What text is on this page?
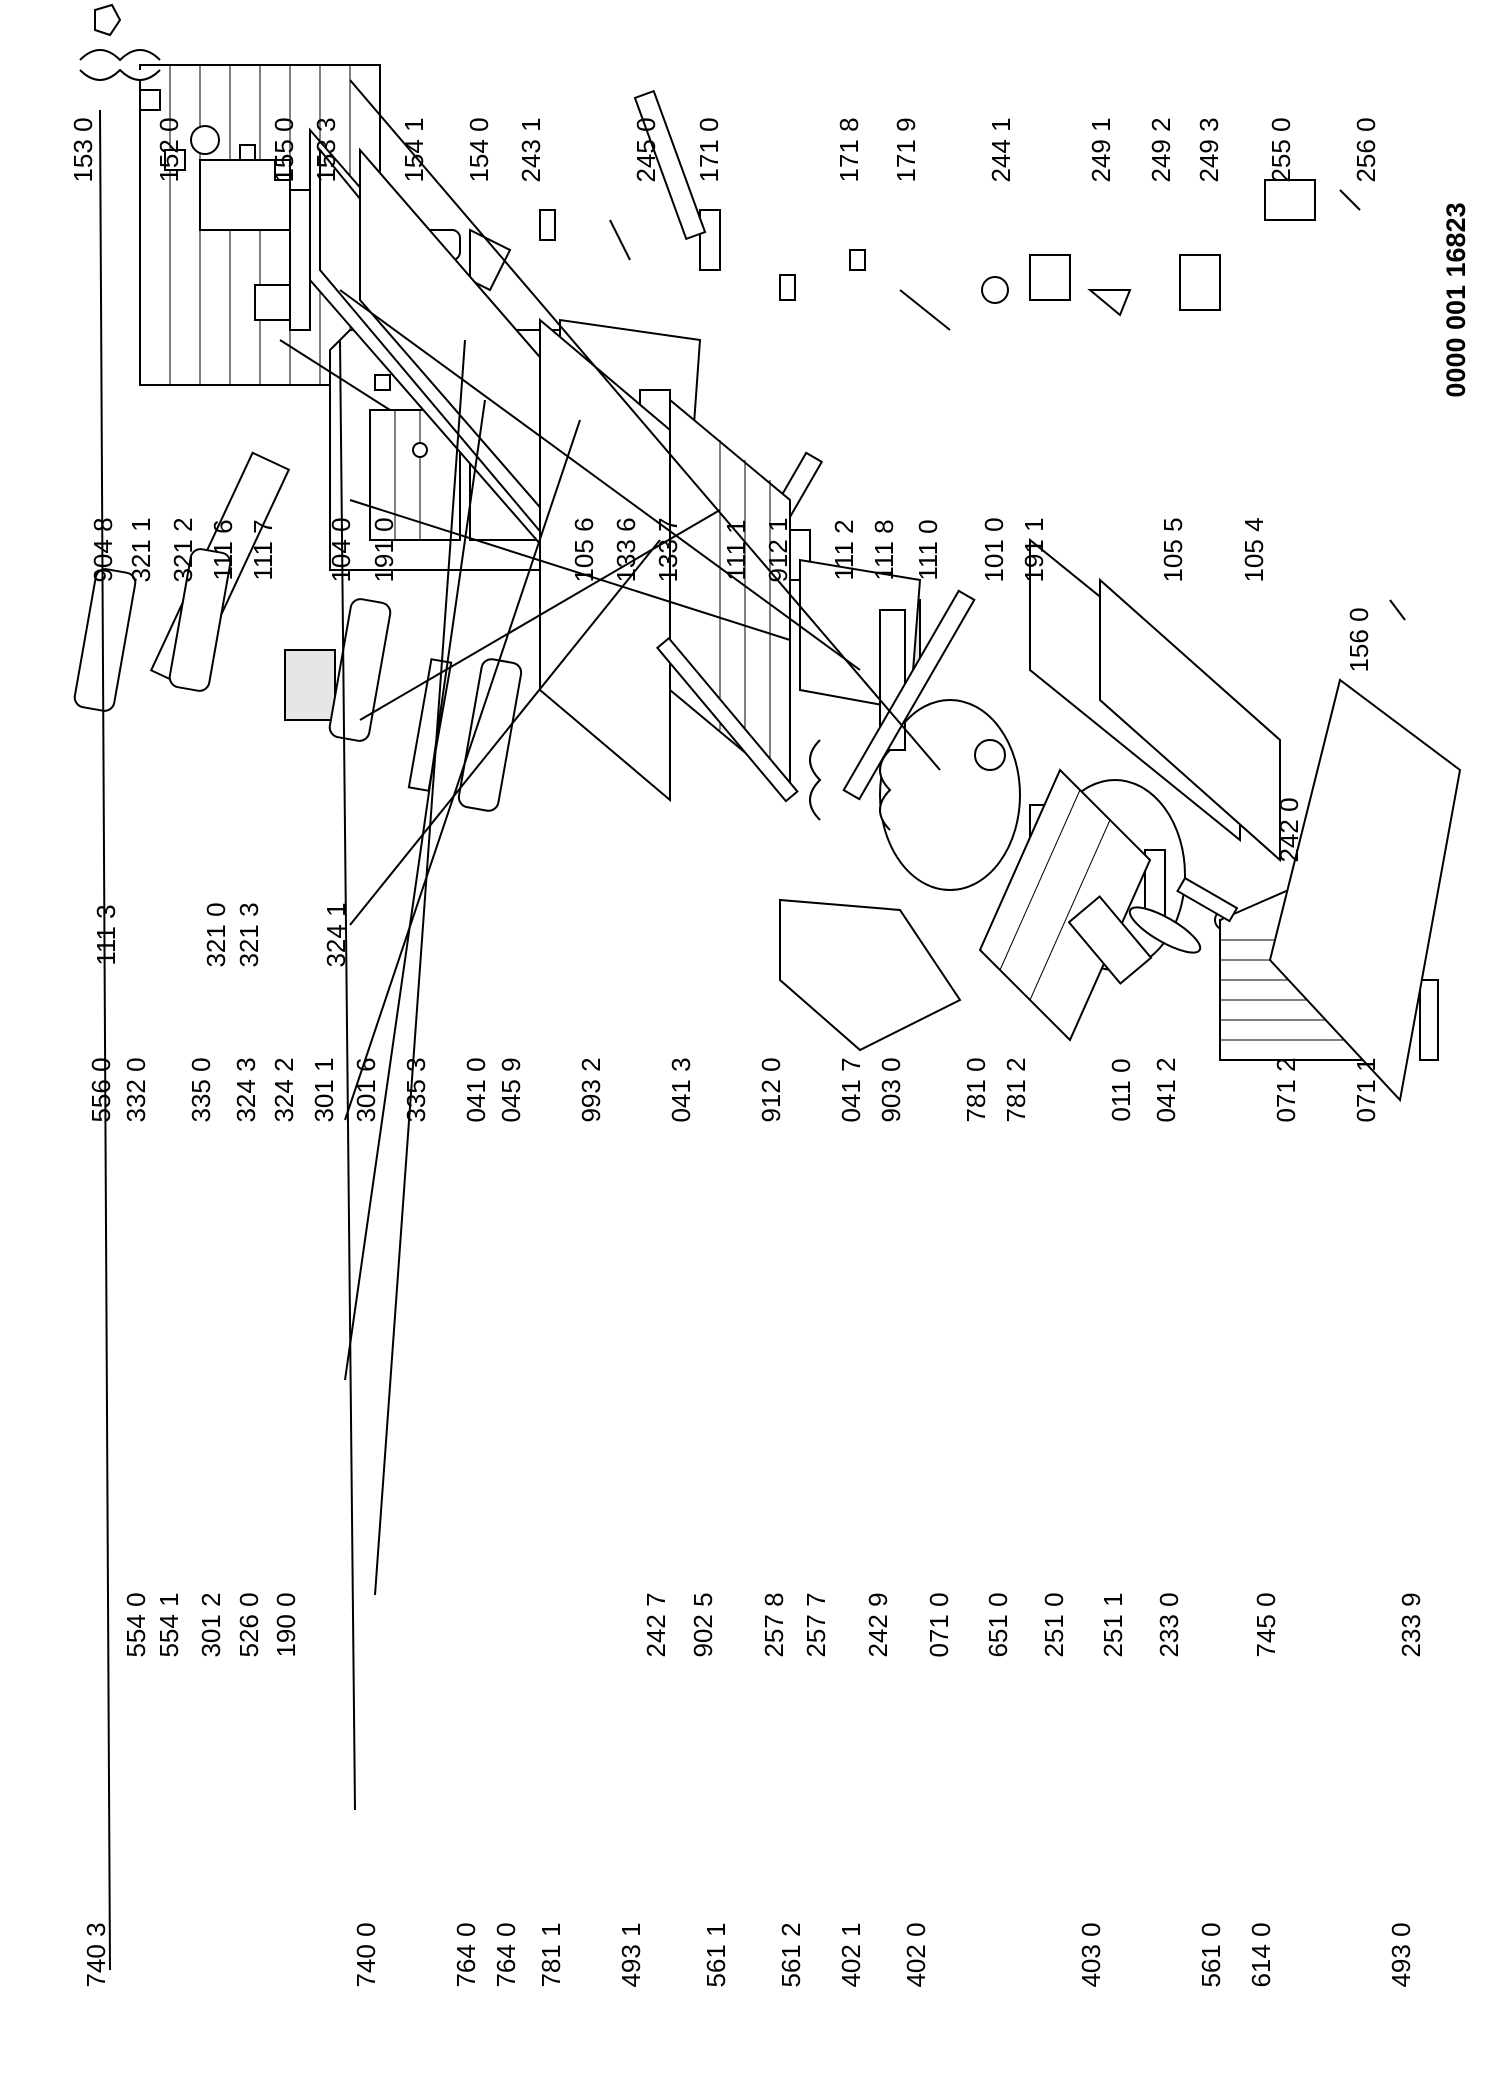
0000 001 16823
740 3	740 0	764 0 764 0 781 1 493 1 561 1 561 2 402 1 402 0	403 0	561 0 614 0	493 0
554 0 554 1 301 2 526 0 190 0	242 7 902 5 257 8 257 7 242 9 071 0 651 0 251 0 251 1 233 0	745 0	233 9
556 0 332 0 335 0 324 3 324 2 301 1 301 6 335 3 041 0 045 9 993 2 041 3 912 0 041 7 903 0 781 0 781 2	011 0 041 2	071 2 071 1
111 3	321 0 321 3 324 1
904 8 321 1 321 2 111 6 111 7 104 0 191 0	105 6 133 6 133 7 111 1 912 1 111 2 111 8 111 0 101 0 191 1	105 5 105 4
156 0
242 0
153 0 152 0	155 0 153 3 154 1 154 0 243 1	245 0 171 0	171 8 171 9	244 1	249 1 249 2 249 3 255 0 256 0
